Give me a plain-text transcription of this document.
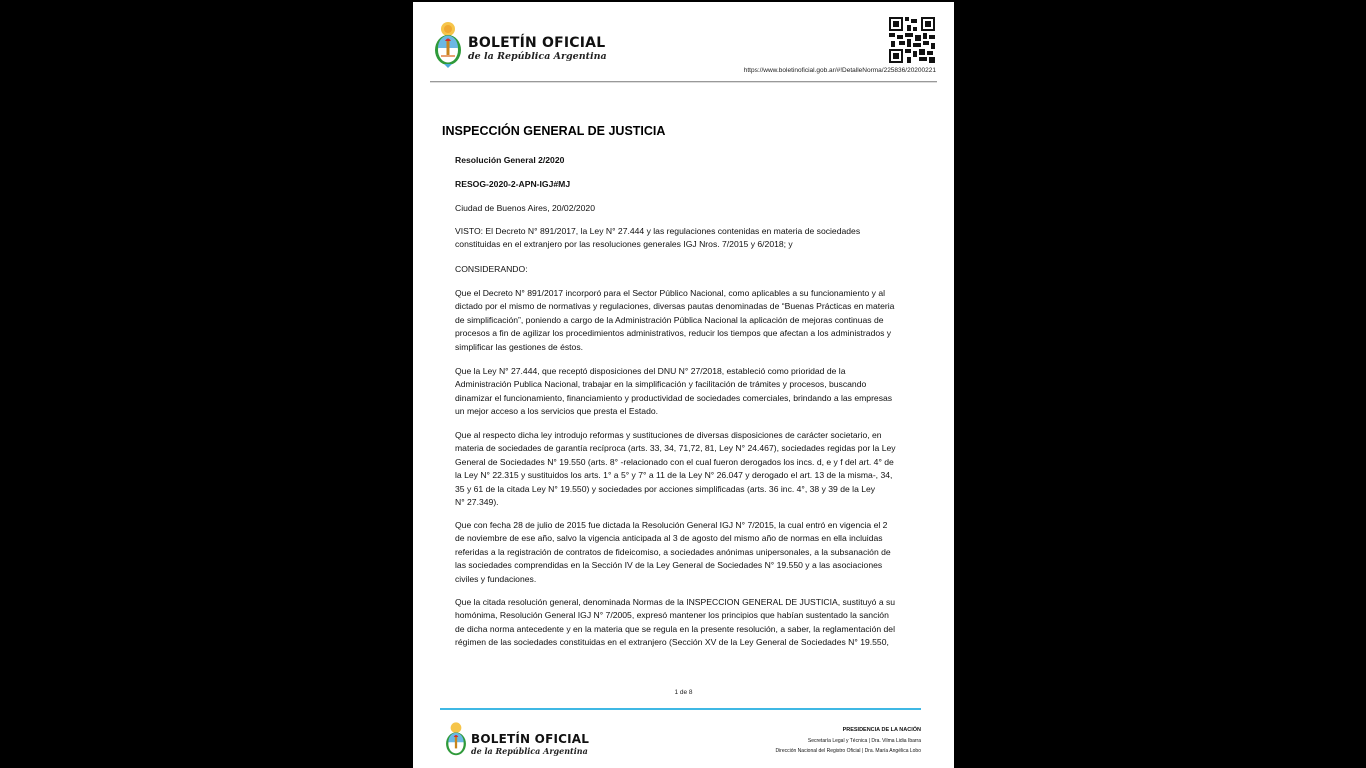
BOLETÍN OFICIAL
de la República Argentina
https://www.boletinoficial.gob.ar/#!DetalleNorma/225836/20200221
INSPECCIÓN GENERAL DE JUSTICIA
Resolución General 2/2020
RESOG-2020-2-APN-IGJ#MJ
Ciudad de Buenos Aires, 20/02/2020
VISTO: El Decreto N° 891/2017, la Ley N° 27.444 y las regulaciones contenidas en materia de sociedades
constituidas en el extranjero por las resoluciones generales IGJ Nros. 7/2015 y 6/2018; y
CONSIDERANDO:
Que el Decreto N° 891/2017 incorporó para el Sector Público Nacional, como aplicables a su funcionamiento y al
dictado por el mismo de normativas y regulaciones, diversas pautas denominadas de “Buenas Prácticas en materia
de simplificación”, poniendo a cargo de la Administración Pública Nacional la aplicación de mejoras continuas de
procesos a fin de agilizar los procedimientos administrativos, reducir los tiempos que afectan a los administrados y
simplificar las gestiones de éstos.
Que la Ley N° 27.444, que receptó disposiciones del DNU N° 27/2018, estableció como prioridad de la
Administración Publica Nacional, trabajar en la simplificación y facilitación de trámites y procesos, buscando
dinamizar el funcionamiento, financiamiento y productividad de sociedades comerciales, brindando a las empresas
un mejor acceso a los servicios que presta el Estado.
Que al respecto dicha ley introdujo reformas y sustituciones de diversas disposiciones de carácter societario, en
materia de sociedades de garantía recíproca (arts. 33, 34, 71,72, 81, Ley N° 24.467), sociedades regidas por la Ley
General de Sociedades N° 19.550 (arts. 8° -relacionado con el cual fueron derogados los incs. d, e y f del art. 4° de
la Ley N° 22.315 y sustituidos los arts. 1° a 5° y 7° a 11 de la Ley N° 26.047 y derogado el art. 13 de la misma-, 34,
35 y 61 de la citada Ley N° 19.550) y sociedades por acciones simplificadas (arts. 36 inc. 4°, 38 y 39 de la Ley
N° 27.349).
Que con fecha 28 de julio de 2015 fue dictada la Resolución General IGJ N° 7/2015, la cual entró en vigencia el 2
de noviembre de ese año, salvo la vigencia anticipada al 3 de agosto del mismo año de normas en ella incluidas
referidas a la registración de contratos de fideicomiso, a sociedades anónimas unipersonales, a la subsanación de
las sociedades comprendidas en la Sección IV de la Ley General de Sociedades N° 19.550 y a las asociaciones
civiles y fundaciones.
Que la citada resolución general, denominada Normas de la INSPECCION GENERAL DE JUSTICIA, sustituyó a su
homónima, Resolución General IGJ N° 7/2005, expresó mantener los principios que habían sustentado la sanción
de dicha norma antecedente y en la materia que se regula en la presente resolución, a saber, la reglamentación del
régimen de las sociedades constituidas en el extranjero (Sección XV de la Ley General de Sociedades N° 19.550,
1 de 8
BOLETÍN OFICIAL
de la República Argentina
PRESIDENCIA DE LA NACIÓN
Secretaría Legal y Técnica | Dra. Vilma Lidia Ibarra
Dirección Nacional del Registro Oficial | Dra. María Angélica Lobo
